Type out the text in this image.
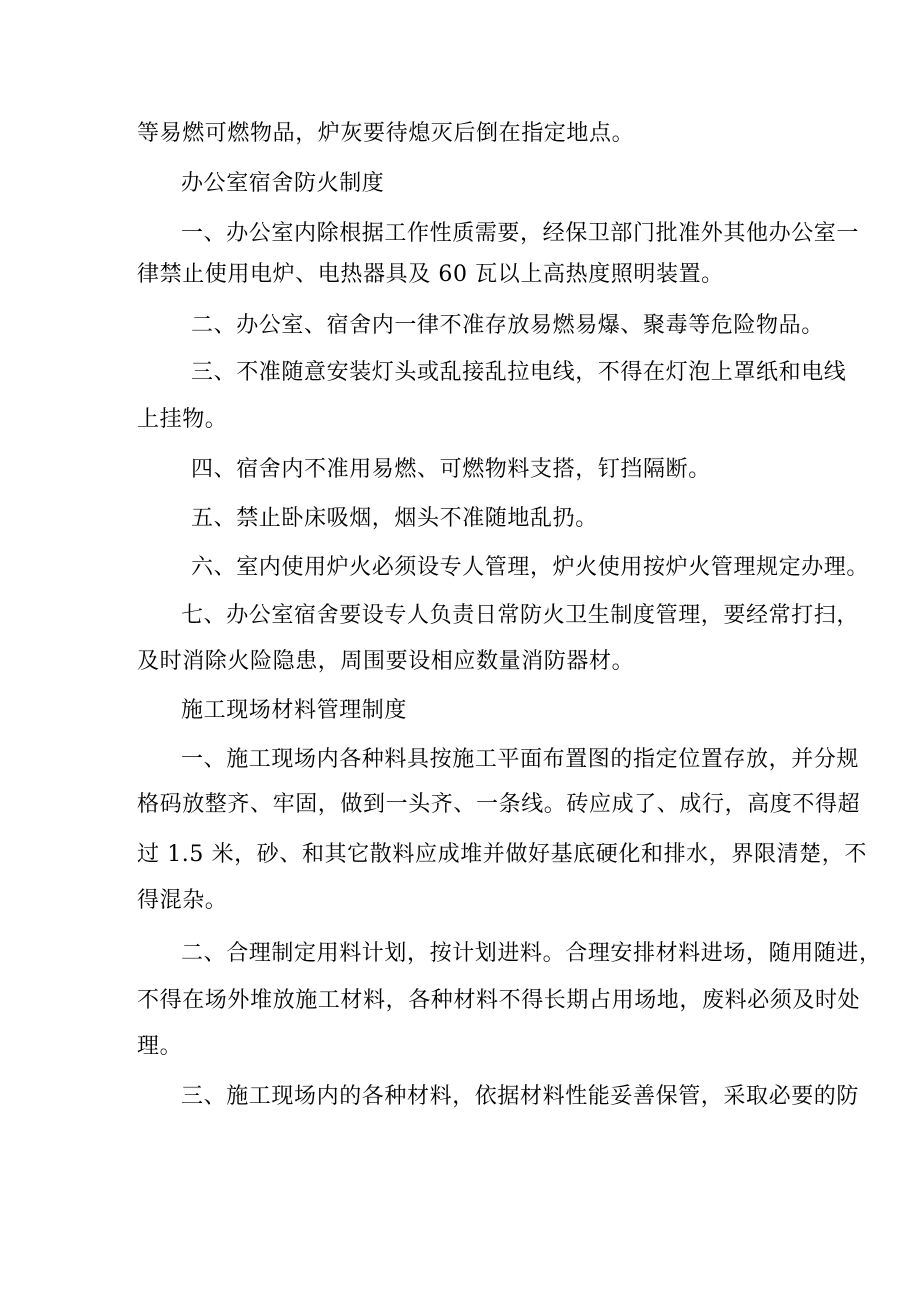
等易燃可燃物品，炉灰要待熄灭后倒在指定地点。
办公室宿舍防火制度
一、办公室内除根据工作性质需要，经保卫部门批准外其他办公室一
律禁止使用电炉、电热器具及 60 瓦以上高热度照明装置。
二、办公室、宿舍内一律不准存放易燃易爆、聚毒等危险物品。
三、不准随意安装灯头或乱接乱拉电线，不得在灯泡上罩纸和电线
上挂物。
四、宿舍内不准用易燃、可燃物料支搭，钉挡隔断。
五、禁止卧床吸烟，烟头不准随地乱扔。
六、室内使用炉火必须设专人管理，炉火使用按炉火管理规定办理。
七、办公室宿舍要设专人负责日常防火卫生制度管理，要经常打扫，
及时消除火险隐患，周围要设相应数量消防器材。
施工现场材料管理制度
一、施工现场内各种料具按施工平面布置图的指定位置存放，并分规
格码放整齐、牢固，做到一头齐、一条线。砖应成了、成行，高度不得超
过 1.5 米，砂、和其它散料应成堆并做好基底硬化和排水，界限清楚，不
得混杂。
二、合理制定用料计划，按计划进料。合理安排材料进场，随用随进，
不得在场外堆放施工材料，各种材料不得长期占用场地，废料必须及时处
理。
三、施工现场内的各种材料，依据材料性能妥善保管，采取必要的防
